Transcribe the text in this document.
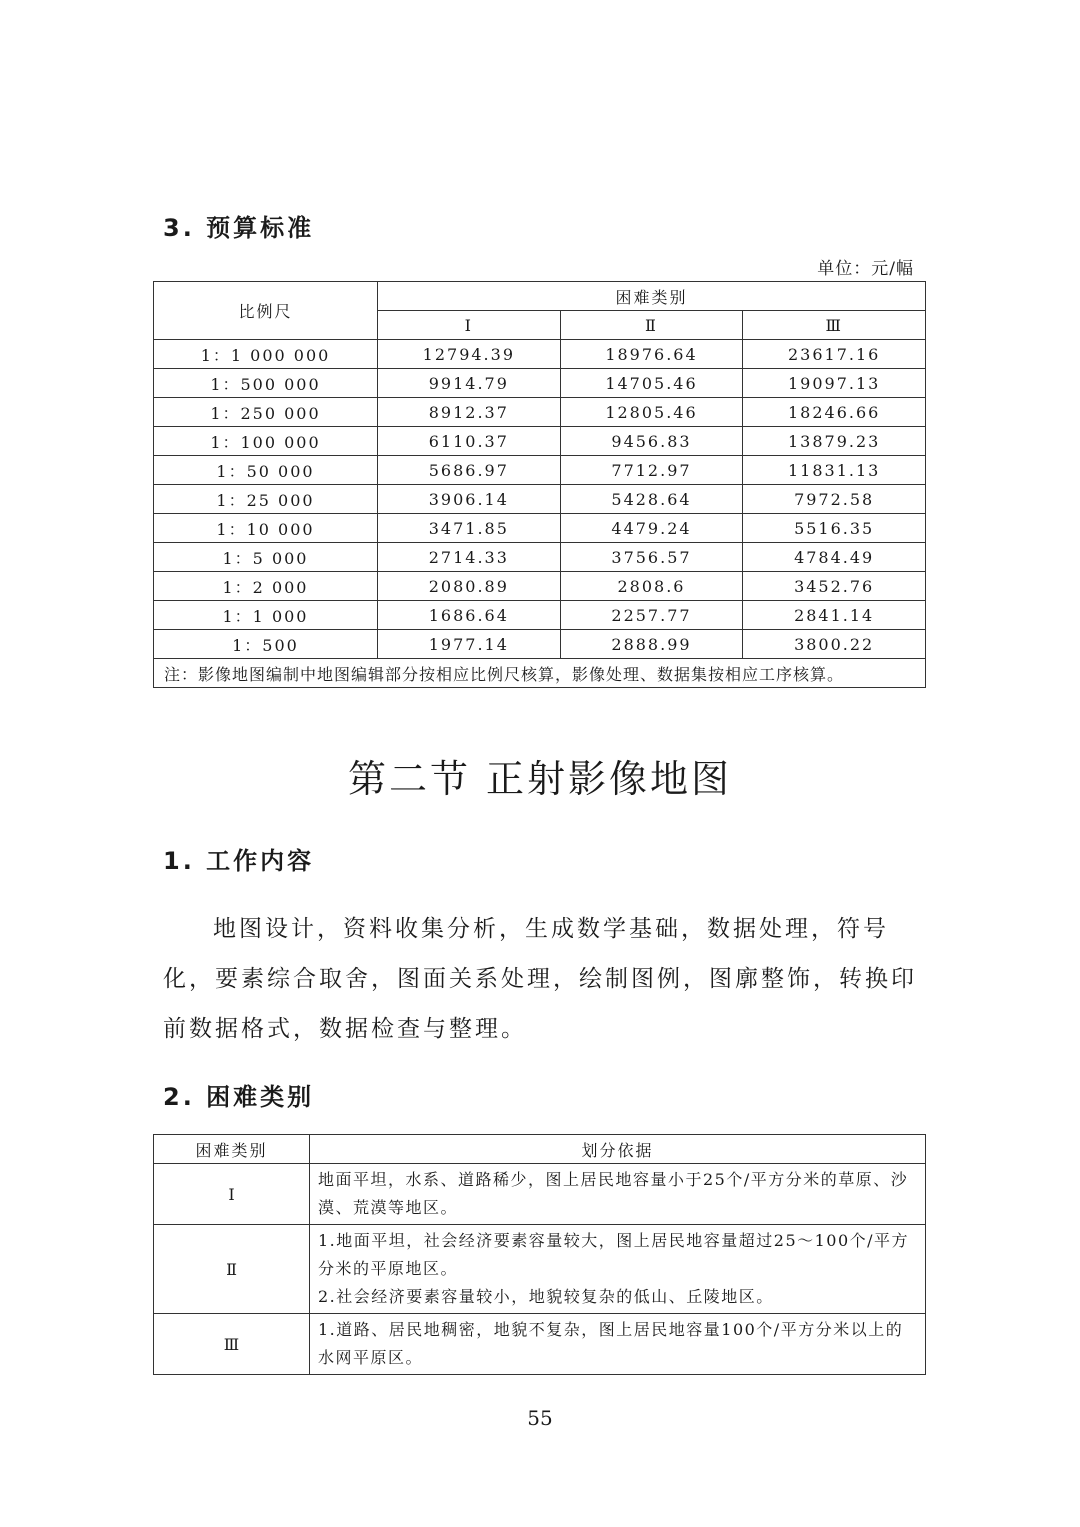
3. 预算标准
单位：元/幅
比例尺	困难类别		
	Ⅰ	Ⅱ	Ⅲ
1：1 000 000	12794.39	18976.64	23617.16
1：500 000	9914.79	14705.46	19097.13
1：250 000	8912.37	12805.46	18246.66
1：100 000	6110.37	9456.83	13879.23
1：50 000	5686.97	7712.97	11831.13
1：25 000	3906.14	5428.64	7972.58
1：10 000	3471.85	4479.24	5516.35
1：5 000	2714.33	3756.57	4784.49
1：2 000	2080.89	2808.6	3452.76
1：1 000	1686.64	2257.77	2841.14
1：500	1977.14	2888.99	3800.22
注：影像地图编制中地图编辑部分按相应比例尺核算，影像处理、数据集按相应工序核算。			
第二节 正射影像地图
1. 工作内容

地图设计，资料收集分析，生成数学基础，数据处理，符号化，要素综合取舍，图面关系处理，绘制图例，图廓整饰，转换印前数据格式，数据检查与整理。

2. 困难类别
困难类别	划分依据
Ⅰ	地面平坦，水系、道路稀少，图上居民地容量小于25个/平方分米的草原、沙漠、荒漠等地区。

Ⅱ	1.地面平坦，社会经济要素容量较大，图上居民地容量超过25～100个/平方分米的平原地区。
2.社会经济要素容量较小，地貌较复杂的低山、丘陵地区。

Ⅲ	1.道路、居民地稠密，地貌不复杂，图上居民地容量100个/平方分米以上的水网平原区。
55
